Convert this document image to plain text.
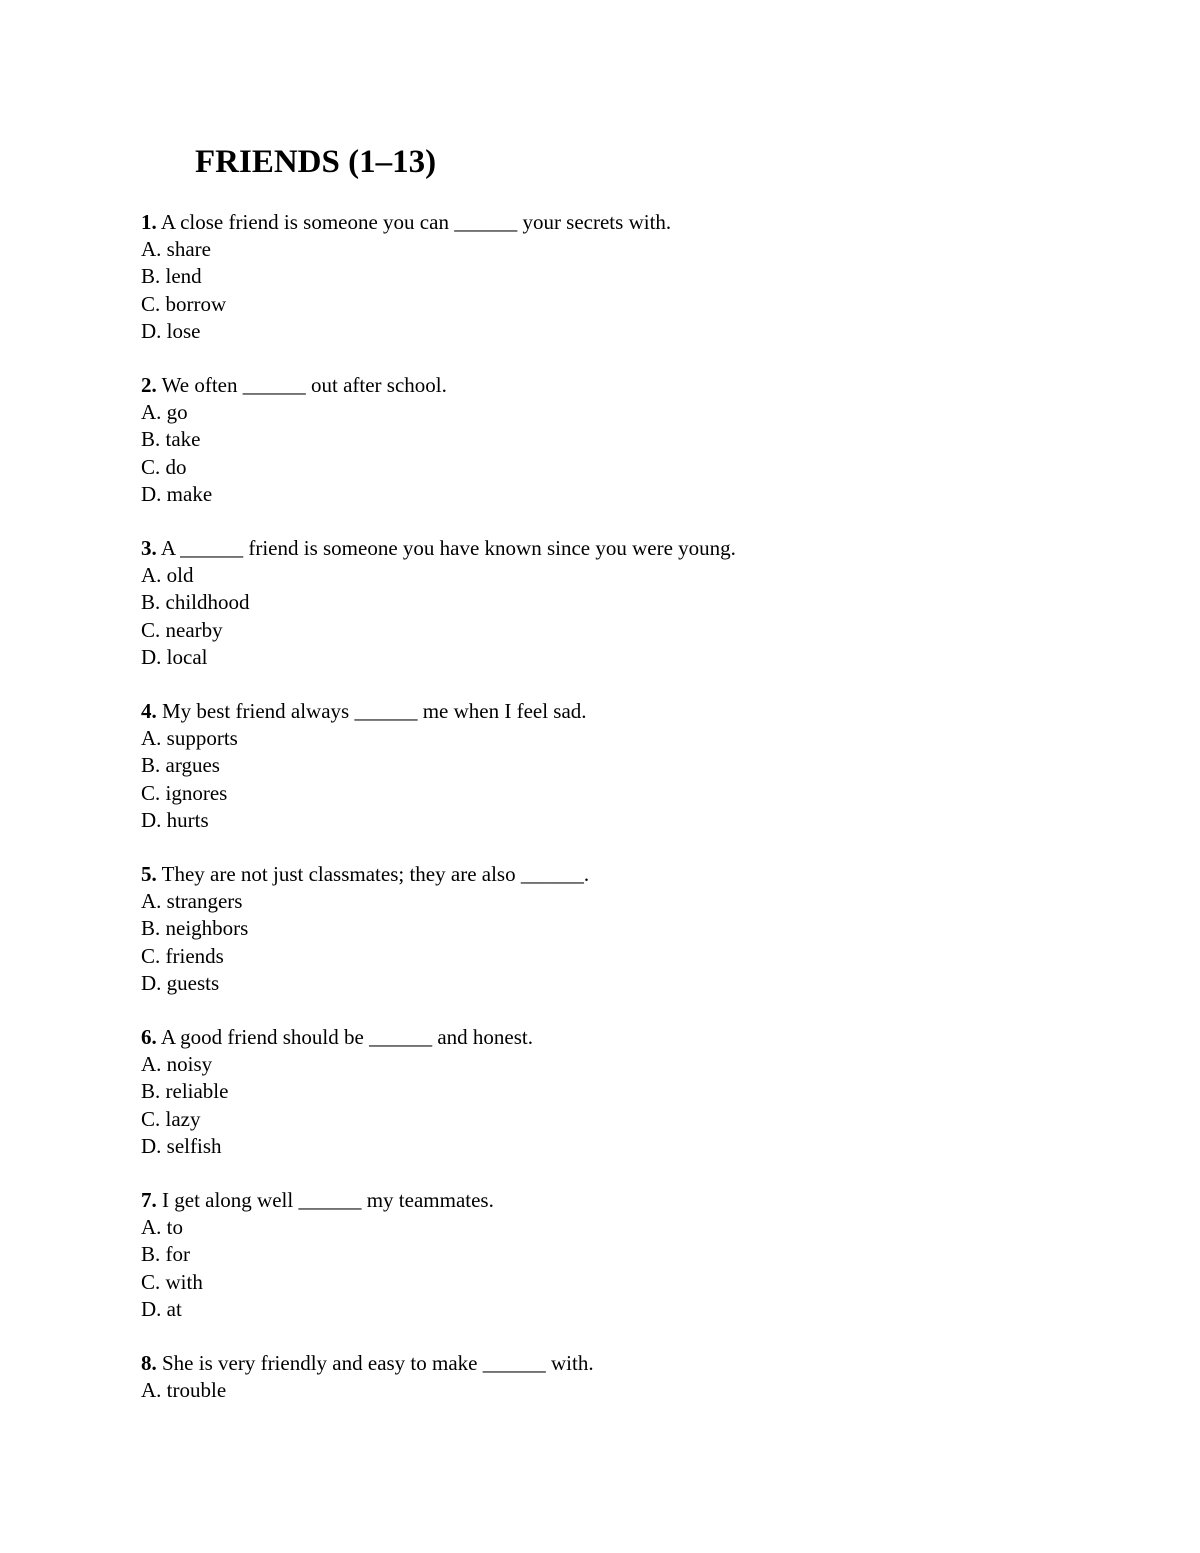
FRIENDS (1–13)
1. A close friend is someone you can ______ your secrets with.
A. share
B. lend
C. borrow
D. lose
2. We often ______ out after school.
A. go
B. take
C. do
D. make
3. A ______ friend is someone you have known since you were young.
A. old
B. childhood
C. nearby
D. local
4. My best friend always ______ me when I feel sad.
A. supports
B. argues
C. ignores
D. hurts
5. They are not just classmates; they are also ______.
A. strangers
B. neighbors
C. friends
D. guests
6. A good friend should be ______ and honest.
A. noisy
B. reliable
C. lazy
D. selfish
7. I get along well ______ my teammates.
A. to
B. for
C. with
D. at
8. She is very friendly and easy to make ______ with.
A. trouble
